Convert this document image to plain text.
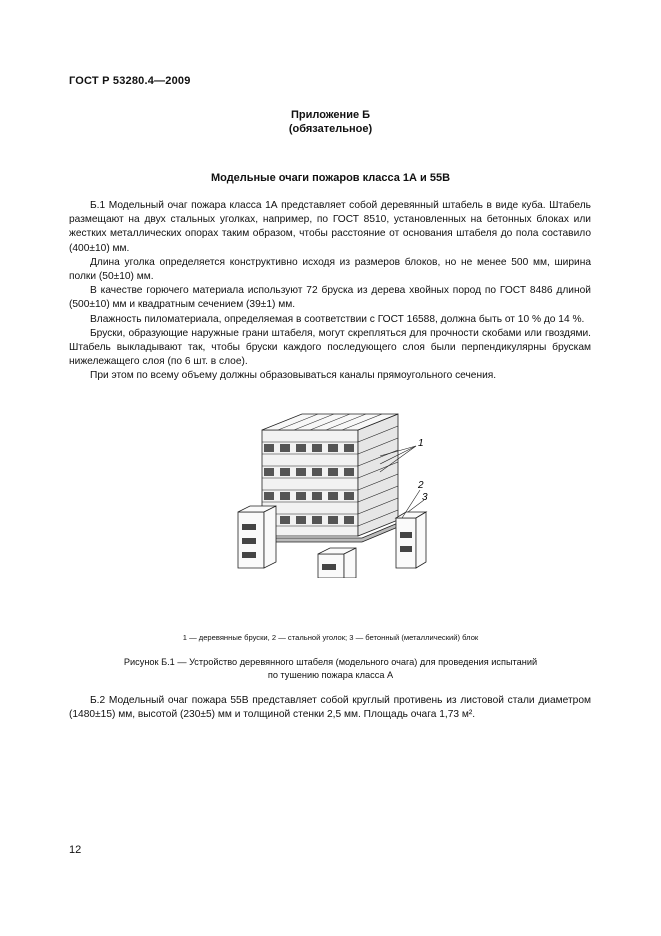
ГОСТ Р 53280.4—2009
Приложение Б
(обязательное)
Модельные очаги пожаров класса 1А и 55В

Б.1 Модельный очаг пожара класса 1А представляет собой деревянный штабель в виде куба. Штабель размещают на двух стальных уголках, например, по ГОСТ 8510, установленных на бетонных блоках или жестких металлических опорах таким образом, чтобы расстояние от основания штабеля до пола составило (400±10) мм.

Длина уголка определяется конструктивно исходя из размеров блоков, но не менее 500 мм, ширина полки (50±10) мм.

В качестве горючего материала используют 72 бруска из дерева хвойных пород по ГОСТ 8486 длиной (500±10) мм и квадратным сечением (39±1) мм.

Влажность пиломатериала, определяемая в соответствии с ГОСТ 16588, должна быть от 10 % до 14 %.

Бруски, образующие наружные грани штабеля, могут скрепляться для прочности скобами или гвоздями. Штабель выкладывают так, чтобы бруски каждого последующего слоя были перпендикулярны брускам нижележащего слоя (по 6 шт. в слое).

При этом по всему объему должны образовываться каналы прямоугольного сечения.

1
2
3
1 — деревянные бруски, 2 — стальной уголок; 3 — бетонный (металлический) блок
Рисунок Б.1 — Устройство деревянного штабеля (модельного очага) для проведения испытаний
по тушению пожара класса А

Б.2 Модельный очаг пожара 55В представляет собой круглый противень из листовой стали диаметром (1480±15) мм, высотой (230±5) мм и толщиной стенки 2,5 мм. Площадь очага 1,73 м².

12
